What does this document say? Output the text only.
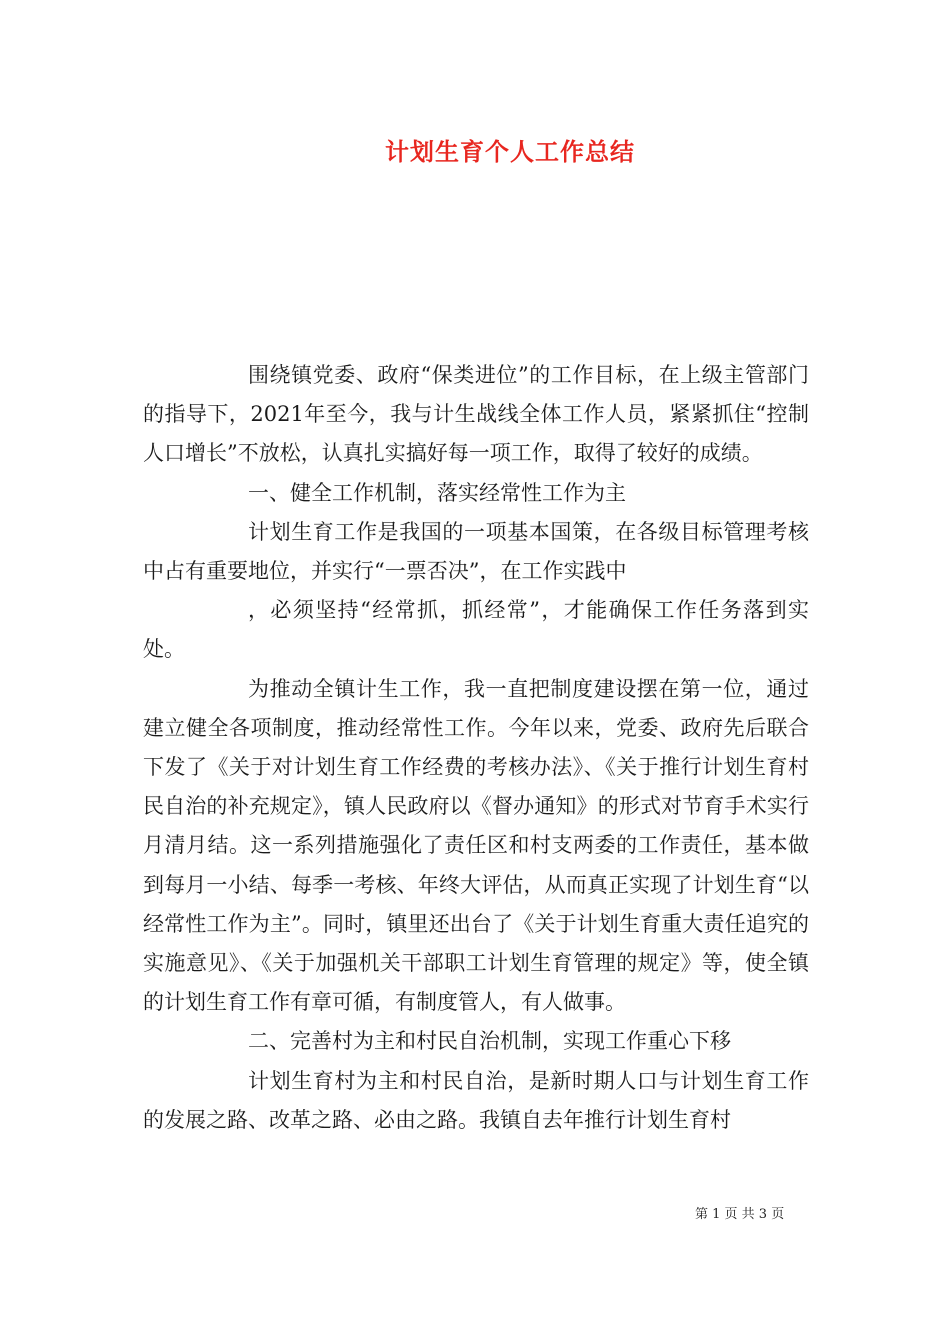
计划生育个人工作总结

围绕镇党委、政府“保类进位”的工作目标，在上级主管部门的指导下，2021年至今，我与计生战线全体工作人员，紧紧抓住“控制人口增长”不放松，认真扎实搞好每一项工作，取得了较好的成绩。

一、健全工作机制，落实经常性工作为主

计划生育工作是我国的一项基本国策，在各级目标管理考核中占有重要地位，并实行“一票否决”，在工作实践中

，必须坚持“经常抓，抓经常”，才能确保工作任务落到实处。

为推动全镇计生工作，我一直把制度建设摆在第一位，通过建立健全各项制度，推动经常性工作。今年以来，党委、政府先后联合下发了《关于对计划生育工作经费的考核办法》、《关于推行计划生育村民自治的补充规定》，镇人民政府以《督办通知》的形式对节育手术实行月清月结。这一系列措施强化了责任区和村支两委的工作责任，基本做到每月一小结、每季一考核、年终大评估，从而真正实现了计划生育“以经常性工作为主”。同时，镇里还出台了《关于计划生育重大责任追究的实施意见》、《关于加强机关干部职工计划生育管理的规定》等，使全镇的计划生育工作有章可循，有制度管人，有人做事。

二、完善村为主和村民自治机制，实现工作重心下移

计划生育村为主和村民自治，是新时期人口与计划生育工作的发展之路、改革之路、必由之路。我镇自去年推行计划生育村

第 1 页 共 3 页
